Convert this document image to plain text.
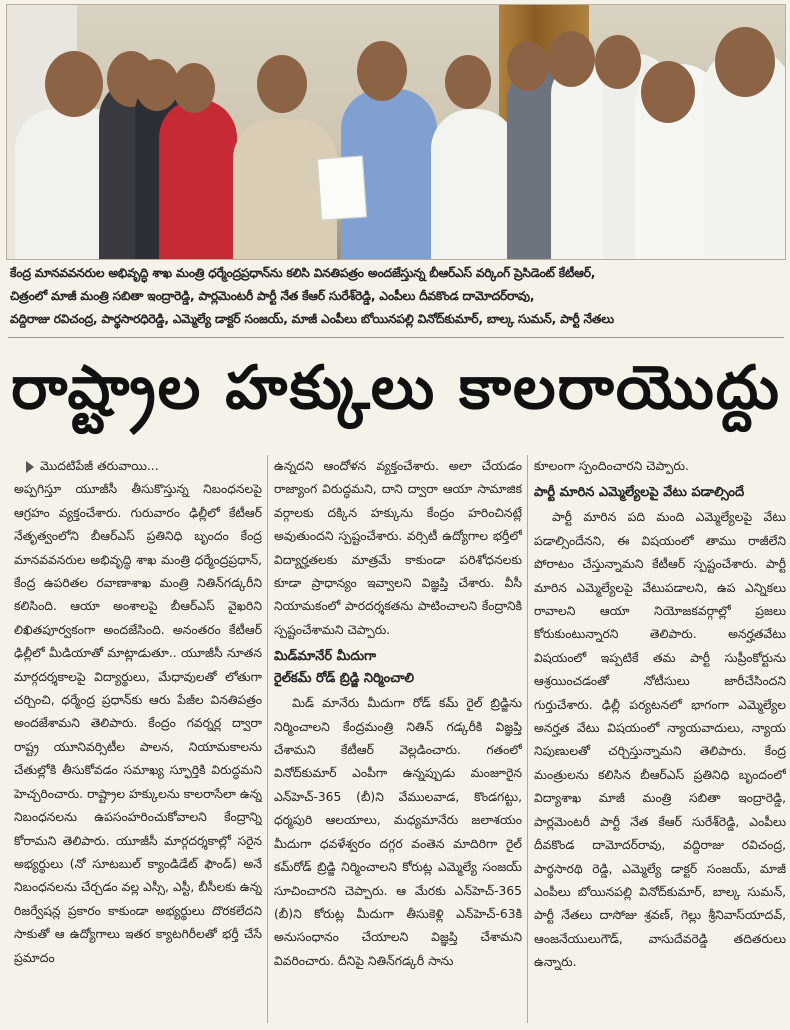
కేంద్ర మానవవనరుల అభివృద్ధి శాఖ మంత్రి ధర్మేంద్రప్రధాన్‌ను కలిసి వినతిపత్రం అందజేస్తున్న బీఆర్‌ఎస్‌ వర్కింగ్‌ ప్రెసిడెంట్‌ కేటీఆర్‌,
చిత్రంలో మాజీ మంత్రి సబితా ఇంద్రారెడ్డి, పార్లమెంటరీ పార్టీ నేత కేఆర్‌ సురేశ్‌రెడ్డి, ఎంపీలు దీవకొండ దామోదర్‌రావు,
వద్దిరాజు రవిచంద్ర, పార్థసారధిరెడ్డి, ఎమ్మెల్యే డాక్టర్‌ సంజయ్‌, మాజీ ఎంపీలు బోయినపల్లి వినోద్‌కుమార్‌, బాల్క సుమన్‌, పార్టీ నేతలు
రాష్ట్రాల హక్కులు కాలరాయొద్దు

మొదటిపేజీ తరువాయి...

అప్పగిస్తూ యూజీసీ తీసుకొస్తున్న నిబంధనలపై ఆగ్రహం వ్యక్తంచేశారు. గురువారం ఢిల్లీలో కేటీఆర్‌ నేతృత్వంలోని బీఆర్‌ఎస్‌ ప్రతినిధి బృందం కేంద్ర మానవవనరుల అభివృద్ధి శాఖ మంత్రి ధర్మేంద్రప్రధాన్‌, కేంద్ర ఉపరితల రవాణాశాఖ మంత్రి నితిన్‌గడ్కరీని కలిసింది. ఆయా అంశాలపై బీఆర్‌ఎస్‌ వైఖరిని లిఖితపూర్వకంగా అందజేసింది. అనంతరం కేటీఆర్‌ ఢిల్లీలో మీడియాతో మాట్లాడుతూ.. యూజీసీ నూతన మార్గదర్శకాలపై విద్యార్థులు, మేధావులతో లోతుగా చర్చించి, ధర్మేంద్ర ప్రధాన్‌కు ఆరు పేజీల వినతిపత్రం అందజేశామని తెలిపారు. కేంద్రం గవర్నర్ల ద్వారా రాష్ట్ర యూనివర్సిటీల పాలన, నియామకాలను చేతుల్లోకి తీసుకోవడం సమాఖ్య స్ఫూర్తికి విరుద్ధమని హెచ్చరించారు. రాష్ట్రాల హక్కులను కాలరాసేలా ఉన్న నిబంధనలను ఉపసంహరించుకోవాలని కేంద్రాన్ని కోరామని తెలిపారు. యూజీసీ మార్గదర్శకాల్లో సరైన అభ్యర్థులు (నో సూటబుల్‌ క్యాండిడేట్‌ ఫౌండ్‌) అనే నిబంధనలను చేర్చడం వల్ల ఎస్సీ, ఎస్టీ, బీసీలకు ఉన్న రిజర్వేషన్ల ప్రకారం కాకుండా అభ్యర్థులు దొరకలేదని సాకుతో ఆ ఉద్యోగాలు ఇతర క్యాటగిరీలతో భర్తీ చేసే ప్రమాదం

ఉన్నదని ఆందోళన వ్యక్తంచేశారు. అలా చేయడం రాజ్యాంగ విరుద్ధమని, దాని ద్వారా ఆయా సామాజిక వర్గాలకు దక్కిన హక్కును కేంద్రం హరించినట్లే అవుతుందని స్పష్టంచేశారు. వర్సిటీ ఉద్యోగాల భర్తీలో విద్యార్హతలకు మాత్రమే కాకుండా పరిశోధనలకు కూడా ప్రాధాన్యం ఇవ్వాలని విజ్ఞప్తి చేశారు. వీసీ నియామకంలో పారదర్శకతను పాటించాలని కేంద్రానికి స్పష్టంచేశామని చెప్పారు.

మిడ్‌మానేర్‌ మీదుగా
రైల్‌కమ్‌ రోడ్‌ బ్రిడ్జి నిర్మించాలి

మిడ్‌ మానేరు మీదుగా రోడ్‌ కమ్‌ రైల్‌ బ్రిడ్జిను నిర్మించాలని కేంద్రమంత్రి నితిన్‌ గడ్కరీకి విజ్ఞప్తి చేశామని కేటీఆర్‌ వెల్లడించారు. గతంలో వినోద్‌కుమార్‌ ఎంపీగా ఉన్నప్పుడు మంజూరైన ఎన్‌హెచ్‌-365 (బీ)ని వేములవాడ, కొండగట్టు, ధర్మపురి ఆలయాలు, మధ్యమానేరు జలాశయం మీదుగా ధవళేశ్వరం దగ్గర వంతెన మాదిరిగా రైల్‌ కమ్‌రోడ్‌ బ్రిడ్జి నిర్మించాలని కోరుట్ల ఎమ్మెల్యే సంజయ్‌ సూచించారని చెప్పారు. ఆ మేరకు ఎన్‌హెచ్‌-365 (బీ)ని కోరుట్ల మీదుగా తీసుకెళ్లి ఎన్‌హెచ్‌-63కి అనుసంధానం చేయాలని విజ్ఞప్తి చేశామని వివరించారు. దీనిపై నితిన్‌గడ్కరీ సాను

కూలంగా స్పందించారని చెప్పారు.

పార్టీ మారిన ఎమ్మెల్యేలపై వేటు పడాల్సిందే

పార్టీ మారిన పది మంది ఎమ్మెల్యేలపై వేటు పడాల్సిందేనని, ఈ విషయంలో తాము రాజీలేని పోరాటం చేస్తున్నామని కేటీఆర్‌ స్పష్టంచేశారు. పార్టీ మారిన ఎమ్మెల్యేలపై వేటుపడాలని, ఉప ఎన్నికలు రావాలని ఆయా నియోజకవర్గాల్లో ప్రజలు కోరుకుంటున్నారని తెలిపారు. అనర్హతవేటు విషయంలో ఇప్పటికే తమ పార్టీ సుప్రీంకోర్టును ఆశ్రయించడంతో నోటీసులు జారీచేసిందని గుర్తుచేశారు. ఢిల్లీ పర్యటనలో భాగంగా ఎమ్మెల్యేల అనర్హత వేటు విషయంలో న్యాయవాదులు, న్యాయ నిపుణులతో చర్చిస్తున్నామని తెలిపారు. కేంద్ర మంత్రులను కలిసిన బీఆర్‌ఎస్‌ ప్రతినిధి బృందంలో విద్యాశాఖ మాజీ మంత్రి సబితా ఇంద్రారెడ్డి, పార్లమెంటరీ పార్టీ నేత కేఆర్‌ సురేశ్‌రెడ్డి, ఎంపీలు దీవకొండ దామోదర్‌రావు, వద్దిరాజు రవిచంద్ర, పార్థసారథి రెడ్డి, ఎమ్మెల్యే డాక్టర్‌ సంజయ్‌, మాజీ ఎంపీలు బోయినపల్లి వినోద్‌కుమార్‌, బాల్క సుమన్‌, పార్టీ నేతలు దాసోజు శ్రవణ్‌, గెల్లు శ్రీనివాస్‌యాదవ్‌, ఆంజనేయులుగౌడ్‌, వాసుదేవరెడ్డి తదితరులు ఉన్నారు.
